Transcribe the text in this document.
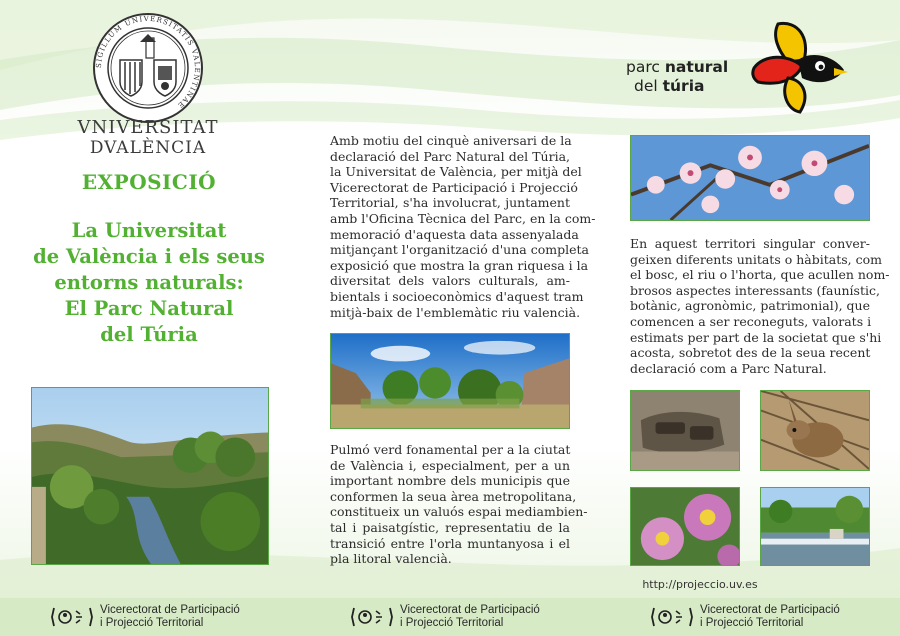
SIGILLUM UNIVERSITATIS VALENTINAE
VNIVERSITAT
DVALÈNCIA
EXPOSICIÓ
La Universitat
de València i els seus
entorns naturals:
El Parc Natural
del Túria
Amb motiu del cinquè aniversari de la
declaració del Parc Natural del Túria,
la Universitat de València, per mitjà del
Vicerectorat de Participació i Projecció
Territorial, s'ha involucrat, juntament
amb l'Oficina Tècnica del Parc, en la com-
memoració d'aquesta data assenyalada
mitjançant l'organització d'una completa
exposició que mostra la gran riquesa i la
diversitat dels valors culturals, am-
bientals i socioeconòmics d'aquest tram
mitjà-baix de l'emblemàtic riu valencià.
Pulmó verd fonamental per a la ciutat
de València i, especialment, per a un
important nombre dels municipis que
conformen la seua àrea metropolitana,
constitueix un valuós espai mediambien-
tal i paisatgístic, representatiu de la
transició entre l'orla muntanyosa i el
pla litoral valencià.
parc natural
del túria
En aquest territori singular conver-
geixen diferents unitats o hàbitats, com
el bosc, el riu o l'horta, que acullen nom-
brosos aspectes interessants (faunístic,
botànic, agronòmic, patrimonial), que
comencen a ser reconeguts, valorats i
estimats per part de la societat que s'hi
acosta, sobretot des de la seua recent
declaració com a Parc Natural.
http://projeccio.uv.es
Vicerectorat de Participació
i Projecció Territorial
Vicerectorat de Participació
i Projecció Territorial
Vicerectorat de Participació
i Projecció Territorial
